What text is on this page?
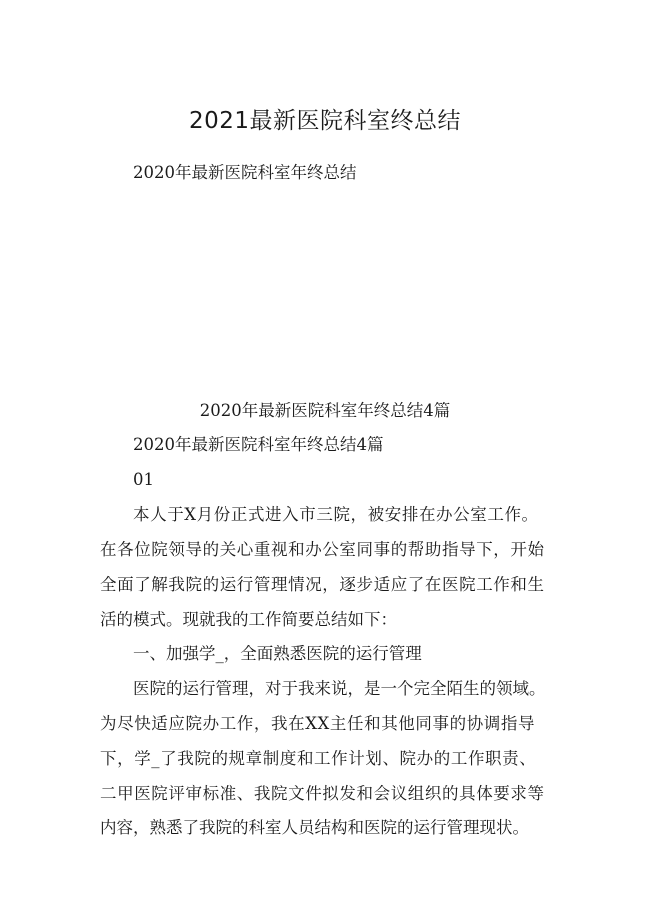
2021最新医院科室终总结
2020年最新医院科室年终总结
2020年最新医院科室年终总结4篇
2020年最新医院科室年终总结4篇
01
本人于X月份正式进入市三院，被安排在办公室工作。
在各位院领导的关心重视和办公室同事的帮助指导下，开始
全面了解我院的运行管理情况，逐步适应了在医院工作和生
活的模式。现就我的工作简要总结如下：
一、加强学_，全面熟悉医院的运行管理
医院的运行管理，对于我来说，是一个完全陌生的领域。
为尽快适应院办工作，我在XX主任和其他同事的协调指导
下，学_了我院的规章制度和工作计划、院办的工作职责、
二甲医院评审标准、我院文件拟发和会议组织的具体要求等
内容，熟悉了我院的科室人员结构和医院的运行管理现状。
